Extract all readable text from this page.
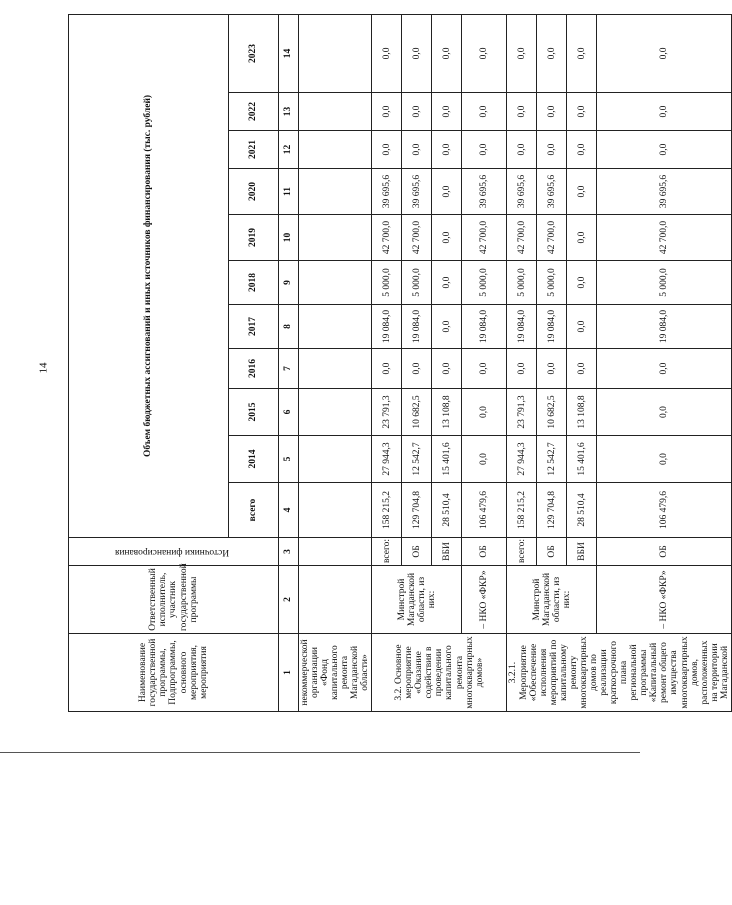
14
Наименование государственной программы, Подпрограммы, основного мероприятия, мероприятия	Ответственный исполнитель, участник государственной программы	Источники финансирования	Объем бюджетных ассигнований и иных источников финансирования (тыс. рублей)										
			всего	2014	2015	2016	2017	2018	2019	2020	2021	2022	2023
1	2	3	4	5	6	7	8	9	10	11	12	13	14
некоммерческой организации «Фонд капитального ремонта Магаданской области»													
3.2. Основное мероприятие «Оказание содействия в проведении капитального ремонта многоквартирных домов»	Минстрой Магаданской области, из них:	всего:	158 215,2	27 944,3	23 791,3	0,0	19 084,0	5 000,0	42 700,0	39 695,6	0,0	0,0	0,0
		ОБ	129 704,8	12 542,7	10 682,5	0,0	19 084,0	5 000,0	42 700,0	39 695,6	0,0	0,0	0,0
		ВБИ	28 510,4	15 401,6	13 108,8	0,0	0,0	0,0	0,0	0,0	0,0	0,0	0,0
	– НКО «ФКР»	ОБ	106 479,6	0,0	0,0	0,0	19 084,0	5 000,0	42 700,0	39 695,6	0,0	0,0	0,0
3.2.1. Мероприятие «Обеспечение исполнения мероприятий по капитальному ремонту многоквартирных домов по реализации краткосрочного плана региональной программы «Капитальный ремонт общего имущества многоквартирных домов, расположенных на территории Магаданской	Минстрой Магаданской области, из них:	всего:	158 215,2	27 944,3	23 791,3	0,0	19 084,0	5 000,0	42 700,0	39 695,6	0,0	0,0	0,0
		ОБ	129 704,8	12 542,7	10 682,5	0,0	19 084,0	5 000,0	42 700,0	39 695,6	0,0	0,0	0,0
		ВБИ	28 510,4	15 401,6	13 108,8	0,0	0,0	0,0	0,0	0,0	0,0	0,0	0,0
	– НКО «ФКР»	ОБ	106 479,6	0,0	0,0	0,0	19 084,0	5 000,0	42 700,0	39 695,6	0,0	0,0	0,0
